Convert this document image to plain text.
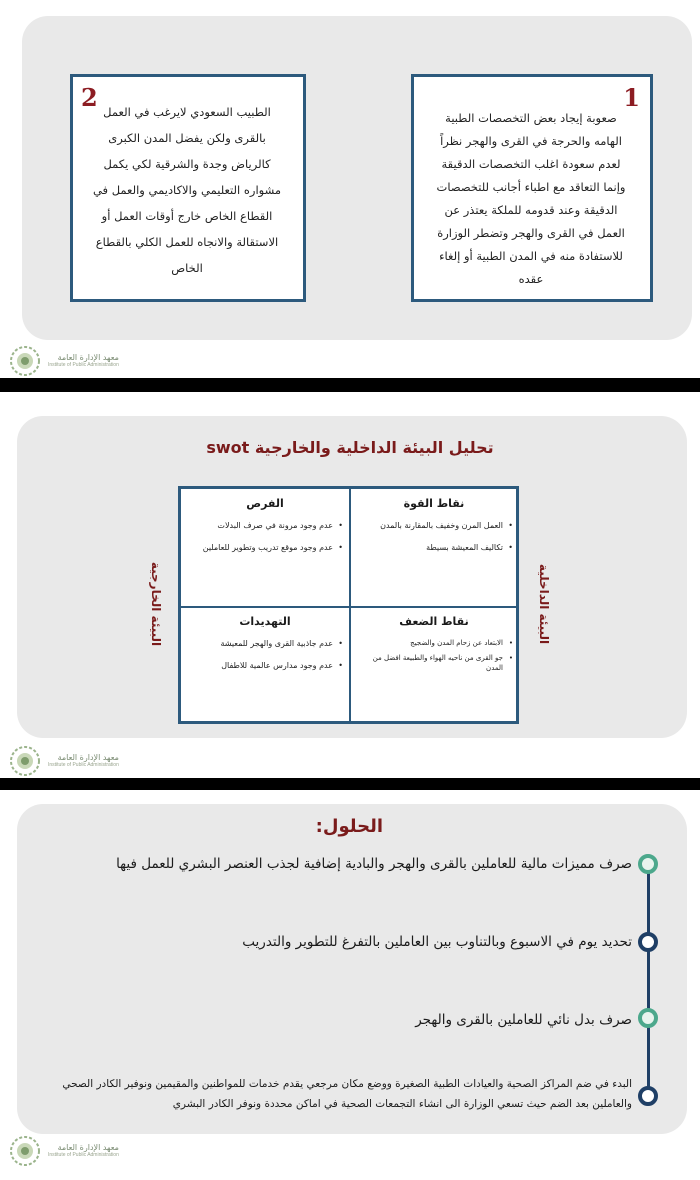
2	الطبيب السعودي لايرغب في العمل
بالقرى ولكن يفضل المدن الكبرى
كالرياض وجدة والشرقية لكي يكمل
مشواره التعليمي والاكاديمي والعمل في
القطاع الخاص خارج أوقات العمل أو
الاستقالة والانجاه للعمل الكلي بالقطاع
الخاص
1
صعوبة إيجاد بعض التخصصات الطبية
الهامه والحرجة في القرى والهجر نظراً
لعدم سعودة اغلب التخصصات الدقيقة
وإنما التعاقد مع اطباء أجانب للتخصصات
الدقيقة وعند قدومه للملكة يعتذر عن
العمل في القرى والهجر وتضطر الوزارة
للاستفادة منه في المدن الطبية أو إلغاء
عقده
معهد الإدارة العامة
Institute of Public Administration
تحليل البيئة الداخلية والخارجية swot
نقاط القوة
• العمل المرن وخفيف بالمقارنة بالمدن
• تكاليف المعيشة بسيطة
الفرص
• عدم وجود مرونة في صرف البدلات
• عدم وجود موقع تدريب وتطوير للعاملين
نقاط الضعف
• الابتعاد عن زحام المدن والضجيج
• جو القرى من ناحيه الهواء والطبيعة افضل من المدن
التهديدات
• عدم جاذبية القرى والهجر للمعيشة
• عدم وجود مدارس عالمية للاطفال
البيئة الداخلية
البيئة الخارجية
معهد الإدارة العامة
Institute of Public Administration
الحلول:
صرف مميزات مالية للعاملين بالقرى والهجر والبادية إضافية لجذب العنصر البشري للعمل فيها
تحديد يوم في الاسبوع وبالتناوب بين العاملين بالتفرغ للتطوير والتدريب
صرف بدل نائي للعاملين بالقرى والهجر
البدء في ضم المراكز الصحية والعيادات الطبية الصغيرة ووضع مكان مرجعي يقدم خدمات للمواطنين والمقيمين ونوفير الكادر الصحي والعاملين بعد الضم حيث تسعي الوزارة الى انشاء التجمعات الصحية في اماكن محددة ونوفر الكادر البشري
معهد الإدارة العامة
Institute of Public Administration	حراج
